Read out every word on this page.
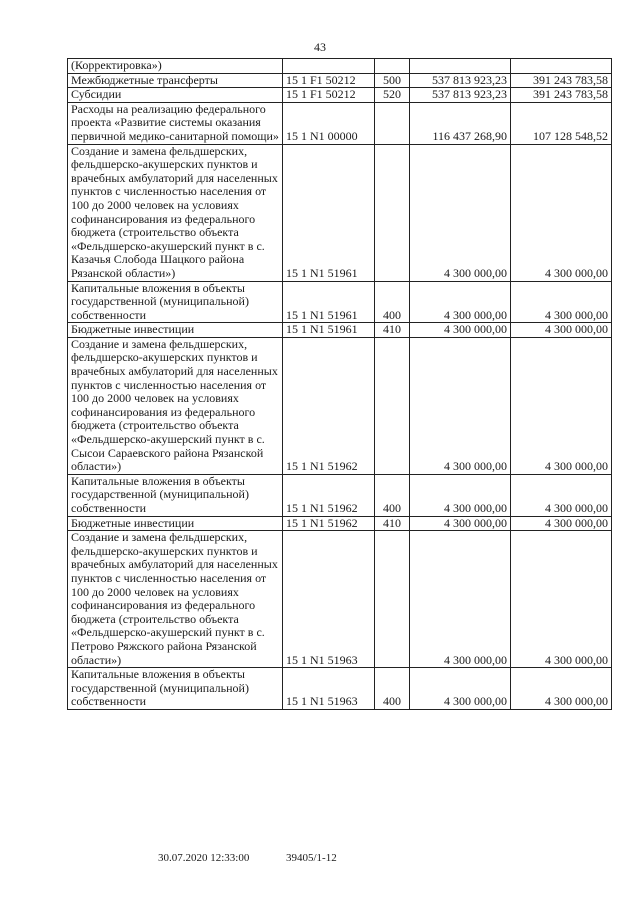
43
(Корректировка»)				
Межбюджетные трансферты	15 1 F1 50212	500	537 813 923,23	391 243 783,58
Субсидии	15 1 F1 50212	520	537 813 923,23	391 243 783,58
Расходы на реализацию федерального проекта «Развитие системы оказания первичной медико-санитарной помощи»	15 1 N1 00000		116 437 268,90	107 128 548,52
Создание и замена фельдшерских, фельдшерско-акушерских пунктов и врачебных амбулаторий для населенных пунктов с численностью населения от 100 до 2000 человек на условиях софинансирования из федерального бюджета (строительство объекта «Фельдшерско-акушерский пункт в с. Казачья Слобода Шацкого района Рязанской области»)	15 1 N1 51961		4 300 000,00	4 300 000,00
Капитальные вложения в объекты государственной (муниципальной) собственности	15 1 N1 51961	400	4 300 000,00	4 300 000,00
Бюджетные инвестиции	15 1 N1 51961	410	4 300 000,00	4 300 000,00
Создание и замена фельдшерских, фельдшерско-акушерских пунктов и врачебных амбулаторий для населенных пунктов с численностью населения от 100 до 2000 человек на условиях софинансирования из федерального бюджета (строительство объекта «Фельдшерско-акушерский пункт в с. Сысои Сараевского района Рязанской области»)	15 1 N1 51962		4 300 000,00	4 300 000,00
Капитальные вложения в объекты государственной (муниципальной) собственности	15 1 N1 51962	400	4 300 000,00	4 300 000,00
Бюджетные инвестиции	15 1 N1 51962	410	4 300 000,00	4 300 000,00
Создание и замена фельдшерских, фельдшерско-акушерских пунктов и врачебных амбулаторий для населенных пунктов с численностью населения от 100 до 2000 человек на условиях софинансирования из федерального бюджета (строительство объекта «Фельдшерско-акушерский пункт в с. Петрово Ряжского района Рязанской области»)	15 1 N1 51963		4 300 000,00	4 300 000,00
Капитальные вложения в объекты государственной (муниципальной) собственности	15 1 N1 51963	400	4 300 000,00	4 300 000,00
30.07.2020 12:33:00	39405/1-12
